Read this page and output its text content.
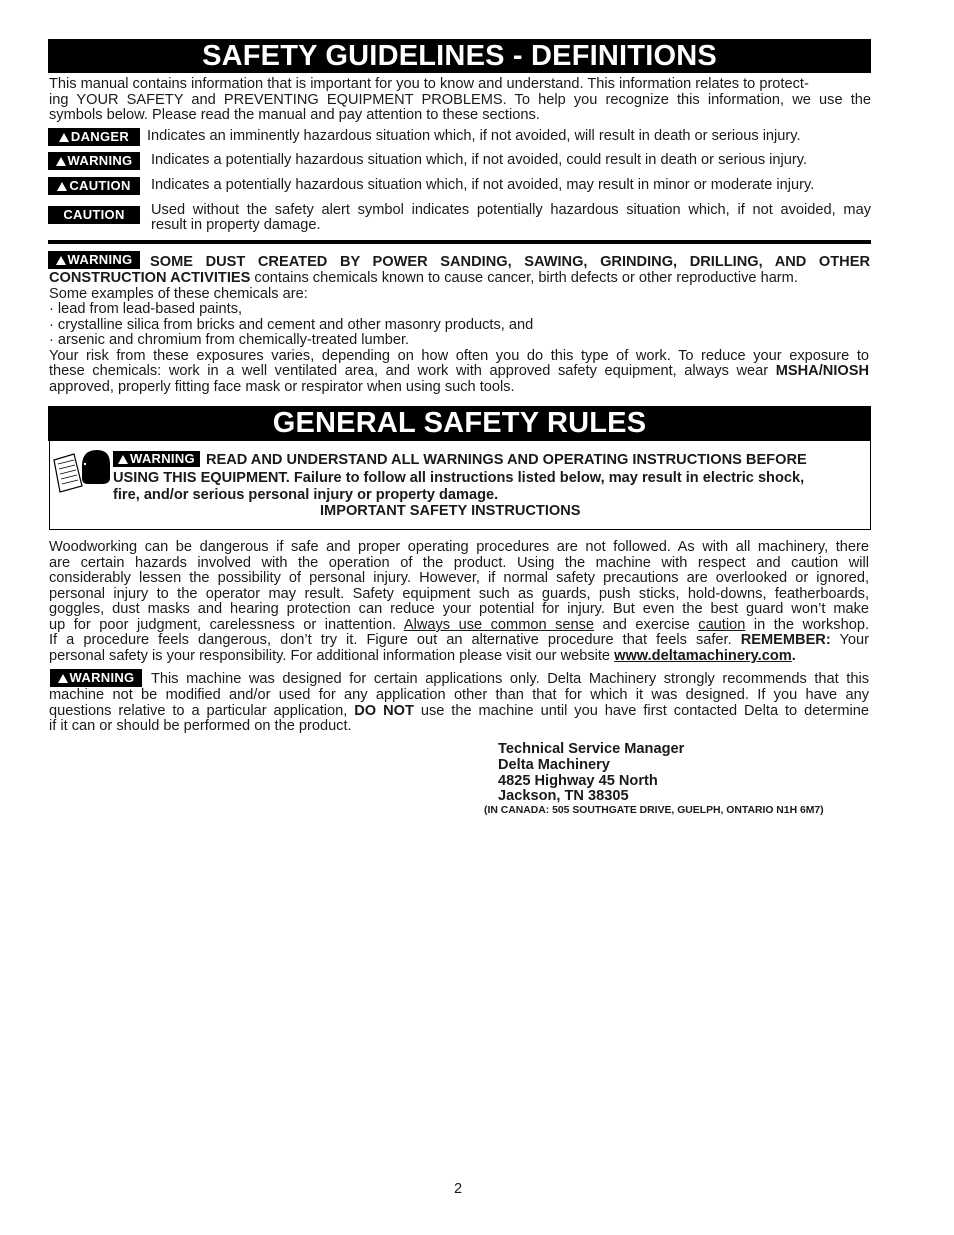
SAFETY GUIDELINES - DEFINITIONS
This manual contains information that is important for you to know and understand. This information relates to protect-
ing YOUR SAFETY and PREVENTING EQUIPMENT PROBLEMS. To help you recognize this information, we use the
symbols below. Please read the manual and pay attention to these sections.
DANGER	Indicates an imminently hazardous situation which, if not avoided, will result in death or serious injury.
WARNING	Indicates a potentially hazardous situation which, if not avoided, could result in death or serious injury.
CAUTION	Indicates a potentially hazardous situation which, if not avoided, may result in minor or moderate injury.
CAUTION	Used without the safety alert symbol indicates potentially hazardous situation which, if not avoided, may
result in property damage.
WARNING	SOME DUST CREATED BY POWER SANDING, SAWING, GRINDING, DRILLING, AND OTHER
CONSTRUCTION ACTIVITIES contains chemicals known to cause cancer, birth defects or other reproductive harm.
Some examples of these chemicals are:
· lead from lead-based paints,
· crystalline silica from bricks and cement and other masonry products, and
· arsenic and chromium from chemically-treated lumber.
Your risk from these exposures varies, depending on how often you do this type of work. To reduce your exposure to
these chemicals: work in a well ventilated area, and work with approved safety equipment, always wear MSHA/NIOSH
approved, properly fitting face mask or respirator when using such tools.
GENERAL SAFETY RULES
WARNING READ AND UNDERSTAND ALL WARNINGS AND OPERATING INSTRUCTIONS BEFORE
USING THIS EQUIPMENT. Failure to follow all instructions listed below, may result in electric shock,
fire, and/or serious personal injury or property damage.
IMPORTANT SAFETY INSTRUCTIONS
Woodworking can be dangerous if safe and proper operating procedures are not followed. As with all machinery, there
are certain hazards involved with the operation of the product. Using the machine with respect and caution will
considerably lessen the possibility of personal injury. However, if normal safety precautions are overlooked or ignored,
personal injury to the operator may result. Safety equipment such as guards, push sticks, hold-downs, featherboards,
goggles, dust masks and hearing protection can reduce your potential for injury. But even the best guard won’t make
up for poor judgment, carelessness or inattention. Always use common sense and exercise caution in the workshop.
If a procedure feels dangerous, don’t try it. Figure out an alternative procedure that feels safer. REMEMBER: Your
personal safety is your responsibility. For additional information please visit our website www.deltamachinery.com.
WARNING	This machine was designed for certain applications only. Delta Machinery strongly recommends that this
machine not be modified and/or used for any application other than that for which it was designed. If you have any
questions relative to a particular application, DO NOT use the machine until you have first contacted Delta to determine
if it can or should be performed on the product.
Technical Service Manager
Delta Machinery
4825 Highway 45 North
Jackson, TN 38305
(IN CANADA: 505 SOUTHGATE DRIVE, GUELPH, ONTARIO N1H 6M7)
2
